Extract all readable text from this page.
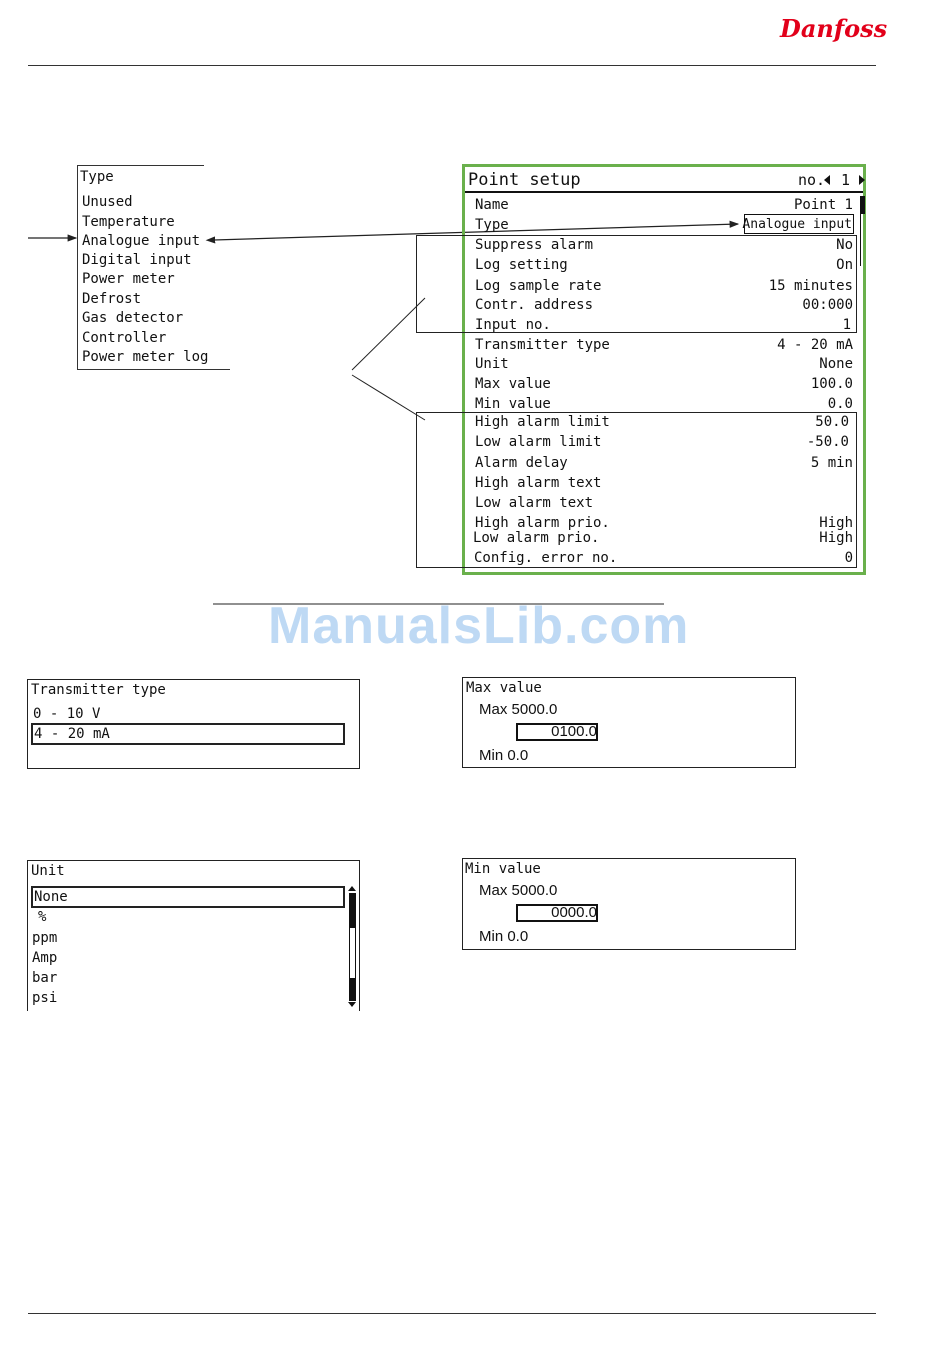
Danfoss
Type
Unused
Temperature
Analogue input
Digital input
Power meter
Defrost
Gas detector
Controller
Power meter log
Point setup	no. 1
Name	Point 1
Type	Analogue input
Suppress alarm	No
Log setting	On
Log sample rate	15 minutes
Contr. address	00:000
Input no.	1
Transmitter type	4 - 20 mA
Unit	None
Max value	100.0
Min value	0.0
High alarm limit	50.0
Low alarm limit	-50.0
Alarm delay	5 min
High alarm text
Low alarm text
High alarm prio.	High
Low alarm prio.	High
Config. error no.	0
ManualsLib.com
Transmitter type
0 - 10 V
4 - 20 mA
Max value
Max 5000.0
0100.0
Min 0.0
Unit
None
%
ppm
Amp
bar
psi
Min value
Max 5000.0
0000.0
Min 0.0
